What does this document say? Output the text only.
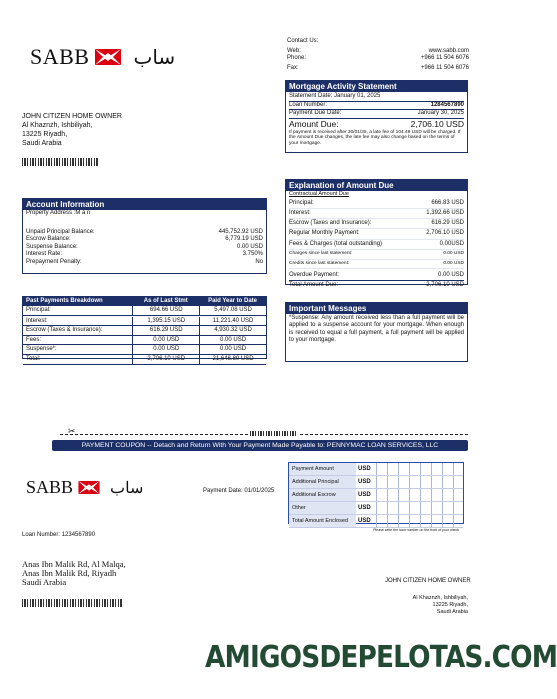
SABB ساب
Contact Us:
Web:	www.sabb.com
Phone:	+966 11 504 6076
Fax:	+966 11 504 6076
JOHN CITIZEN HOME OWNER
Al Khaznzh, Ishbiliyah,
13225 Riyadh,
Saudi Arabia
Mortgage Activity Statement
Statement Date: January 01, 2025
Loan Number:	1284567890
Payment Due Date:	January 30, 2025
Amount Due:	2,706.10 USD
If payment is received after 30/01/25, a late fee of 104.49 USD will be charged. If the Amount Due changes, the late fee may also change based on the terms of your mortgage.
Account Information
Property Address :M a n
Unpaid Principal Balance:	445,752.92 USD
Escrow Balance:	6,779.19 USD
Suspense Balance:	0.00 USD
Interest Rate:	3.750%
Prepayment Penalty:	No
Explanation of Amount Due
Contractual Amount Due
Principal:	666.83 USD
Interest:	1,392.66 USD
Escrow (Taxes and Insurance):	616.29 USD
Regular Monthly Payment:	2,706.10 USD
Fees & Charges (total outstanding)	0.00USD
Charges since last statement:	0.00 USD
Credits since last statement:	0.00 USD
Overdue Payment:	0.00 USD
Total Amount Due:	2,706.10 USD
Past Payments Breakdown	As of Last Stmt	Paid Year to Date
Principal:	694.66 USD	5,497.08 USD
Interest:	1,395.15 USD	11,221.40 USD
Escrow (Taxes & Insurance):	616.29 USD	4,930.32 USD
Fees:	0.00 USD	0.00 USD
Suspense*:	0.00 USD	0.00 USD
Total:	2,706.10 USD	21,648.80 USD
Important Messages
*Suspense: Any amount received less than a full payment will be applied to a suspense account for your mortgage. When enough is received to equal a full payment, a full payment will be applied to your mortgage.
✂
PAYMENT COUPON -- Detach and Return With Your Payment Made Payable to: PENNYMAC LOAN SERVICES, LLC
SABB ساب	Payment Date: 01/01/2025
Payment Amount	USD
Additional Principal	USD
Additional Escrow	USD
Other	USD
Total Amount Enclosed	USD
Please write the loan number on the front of your check
Loan Number: 1234567890
Anas Ibn Malik Rd, Al Malqa,
Anas Ibn Malik Rd, Riyadh
Saudi Arabia	JOHN CITIZEN HOME OWNER
Al Khaznzh, Ishbiliyah,
13225 Riyadh,
Saudi Arabia
AMIGOSDEPELOTAS.COM
